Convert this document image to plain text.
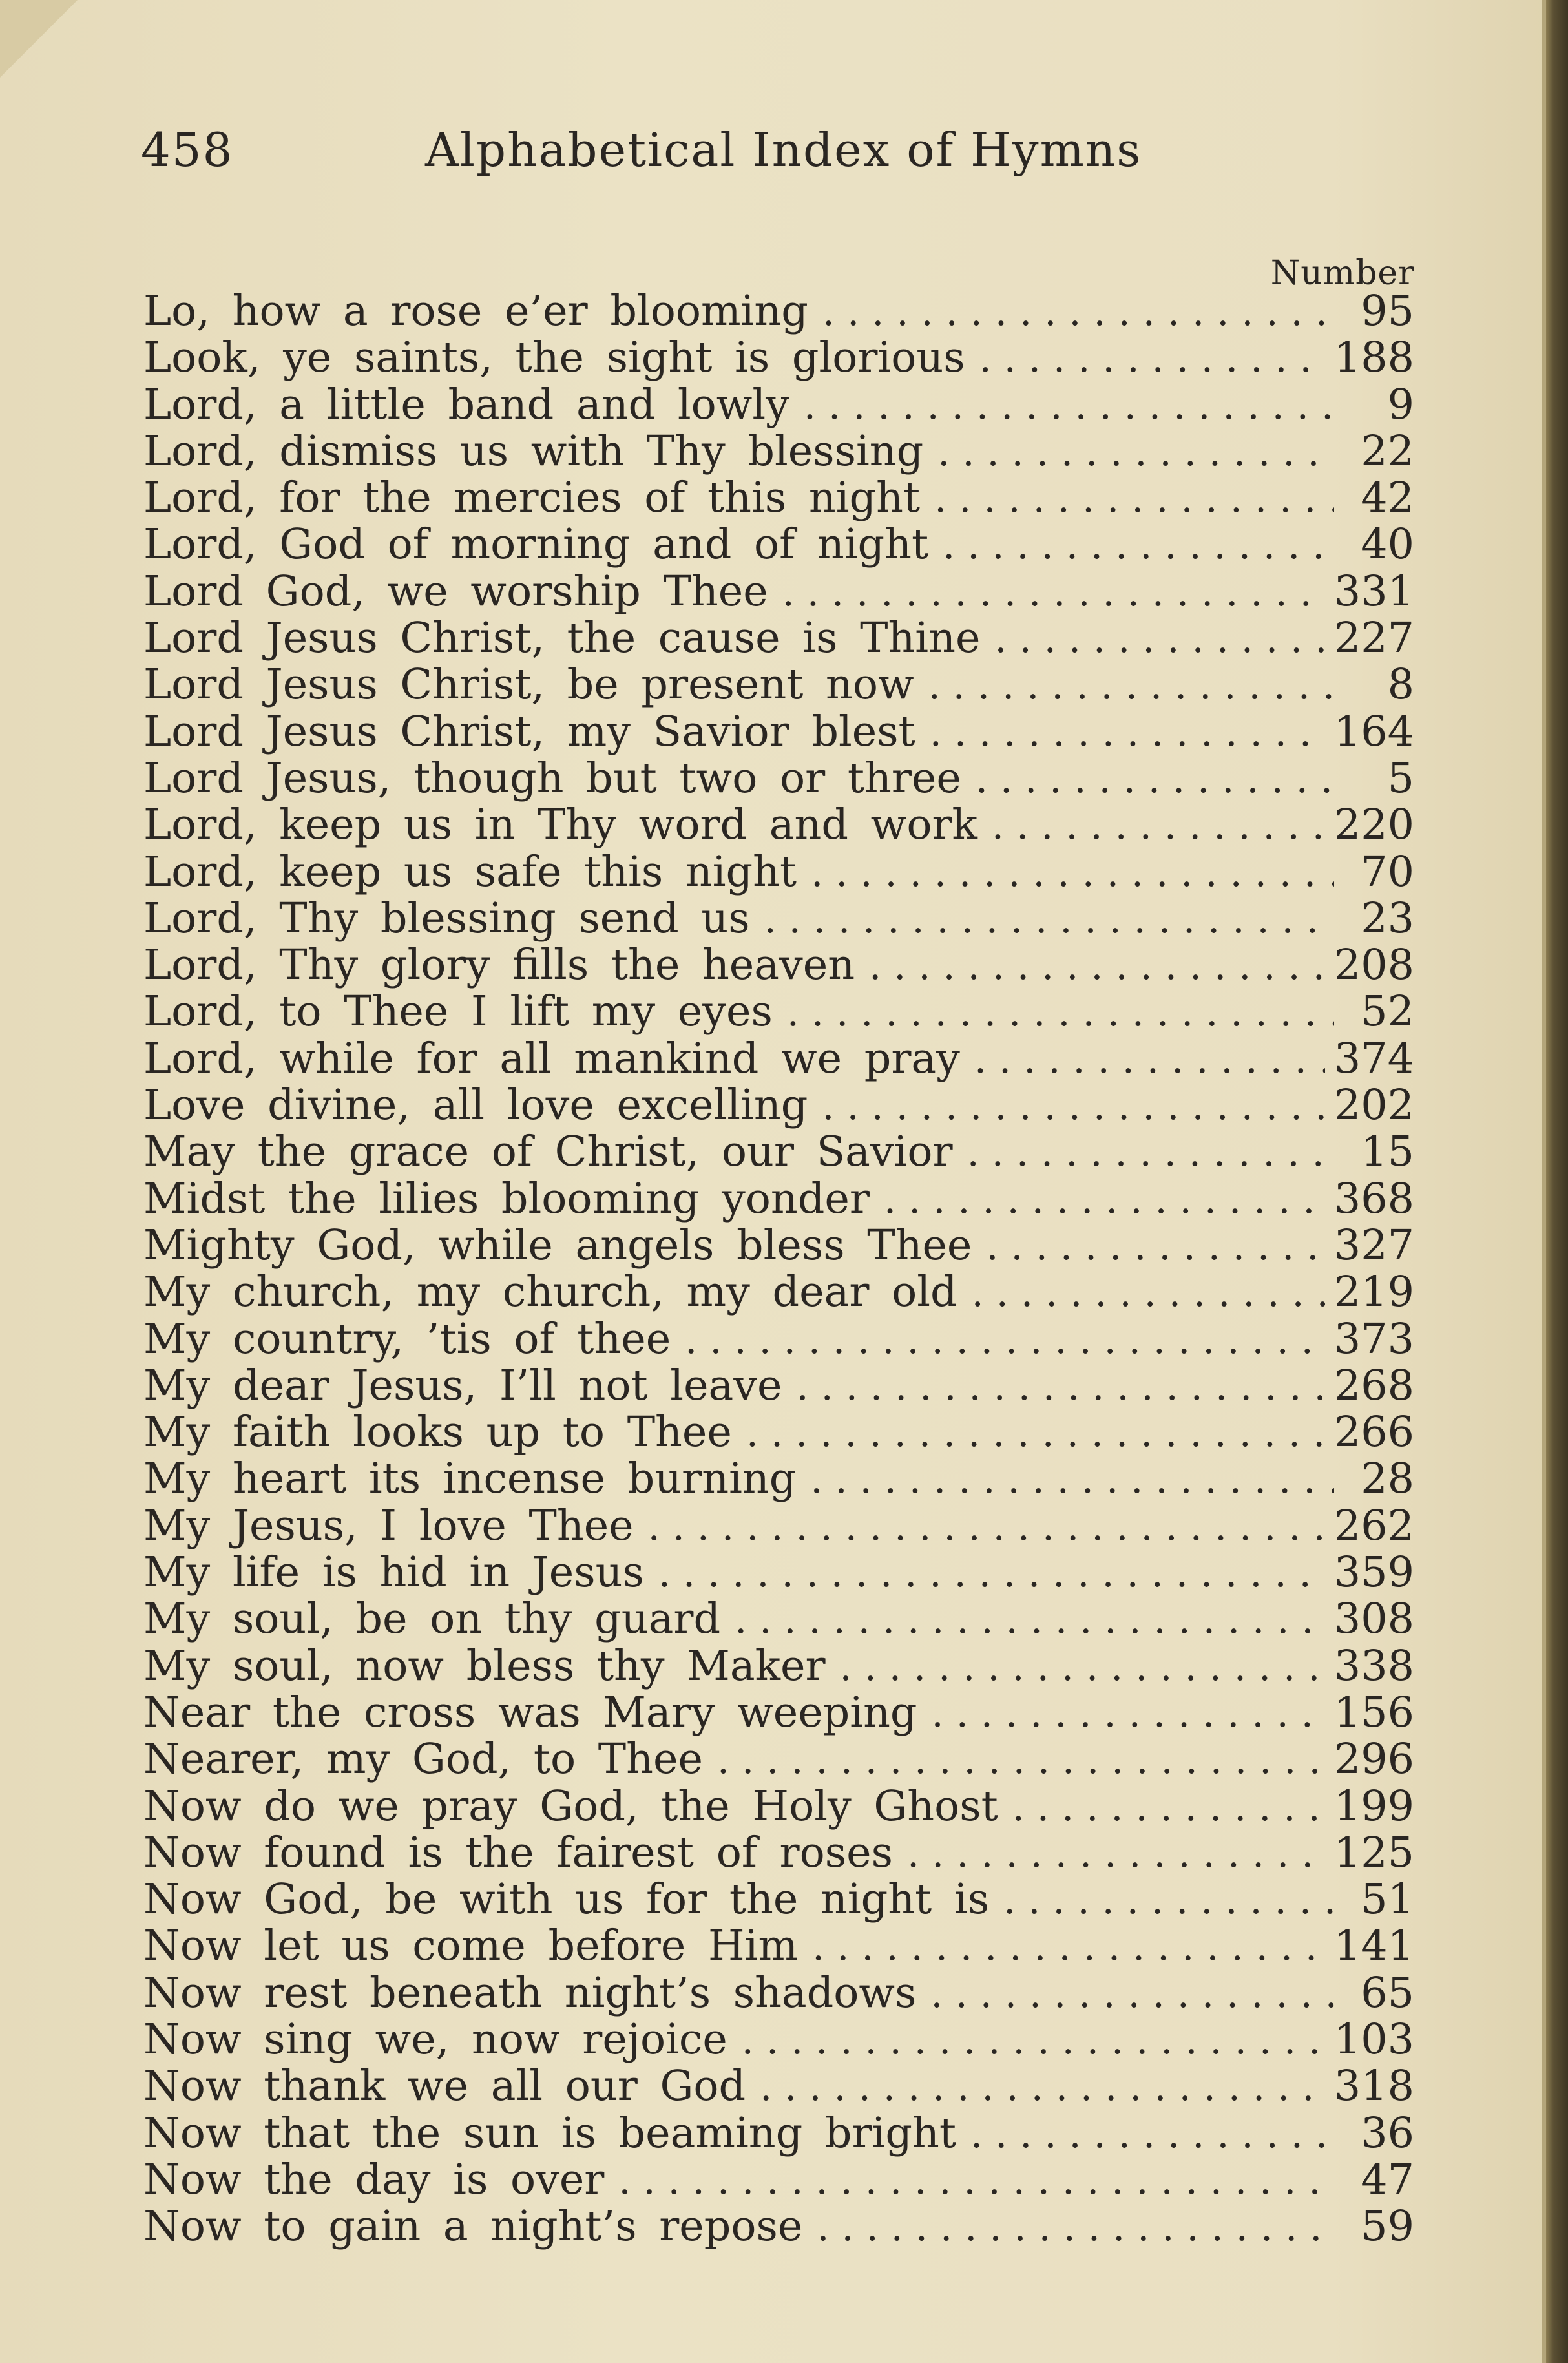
458	Alphabetical Index of Hymns
Number
Lo, how a rose e’er blooming . . .	95
Look, ye saints, the sight is glorious . . .	188
Lord, a little band and lowly . . .	9
Lord, dismiss us with Thy blessing . . .	22
Lord, for the mercies of this night . . .	42
Lord, God of morning and of night . . .	40
Lord God, we worship Thee . . .	331
Lord Jesus Christ, the cause is Thine . . .	227
Lord Jesus Christ, be present now . . .	8
Lord Jesus Christ, my Savior blest . . .	164
Lord Jesus, though but two or three . . .	5
Lord, keep us in Thy word and work . . .	220
Lord, keep us safe this night . . .	70
Lord, Thy blessing send us . . .	23
Lord, Thy glory fills the heaven . . .	208
Lord, to Thee I lift my eyes . . .	52
Lord, while for all mankind we pray . . .	374
Love divine, all love excelling . . .	202
May the grace of Christ, our Savior . . .	15
Midst the lilies blooming yonder . . .	368
Mighty God, while angels bless Thee . . .	327
My church, my church, my dear old . . .	219
My country, ’tis of thee . . .	373
My dear Jesus, I’ll not leave . . .	268
My faith looks up to Thee . . .	266
My heart its incense burning . . .	28
My Jesus, I love Thee . . .	262
My life is hid in Jesus . . .	359
My soul, be on thy guard . . .	308
My soul, now bless thy Maker . . .	338
Near the cross was Mary weeping . . .	156
Nearer, my God, to Thee . . .	296
Now do we pray God, the Holy Ghost . . .	199
Now found is the fairest of roses . . .	125
Now God, be with us for the night is . . .	51
Now let us come before Him . . .	141
Now rest beneath night’s shadows . . .	65
Now sing we, now rejoice . . .	103
Now thank we all our God . . .	318
Now that the sun is beaming bright . . .	36
Now the day is over . . .	47
Now to gain a night’s repose . . .	59
